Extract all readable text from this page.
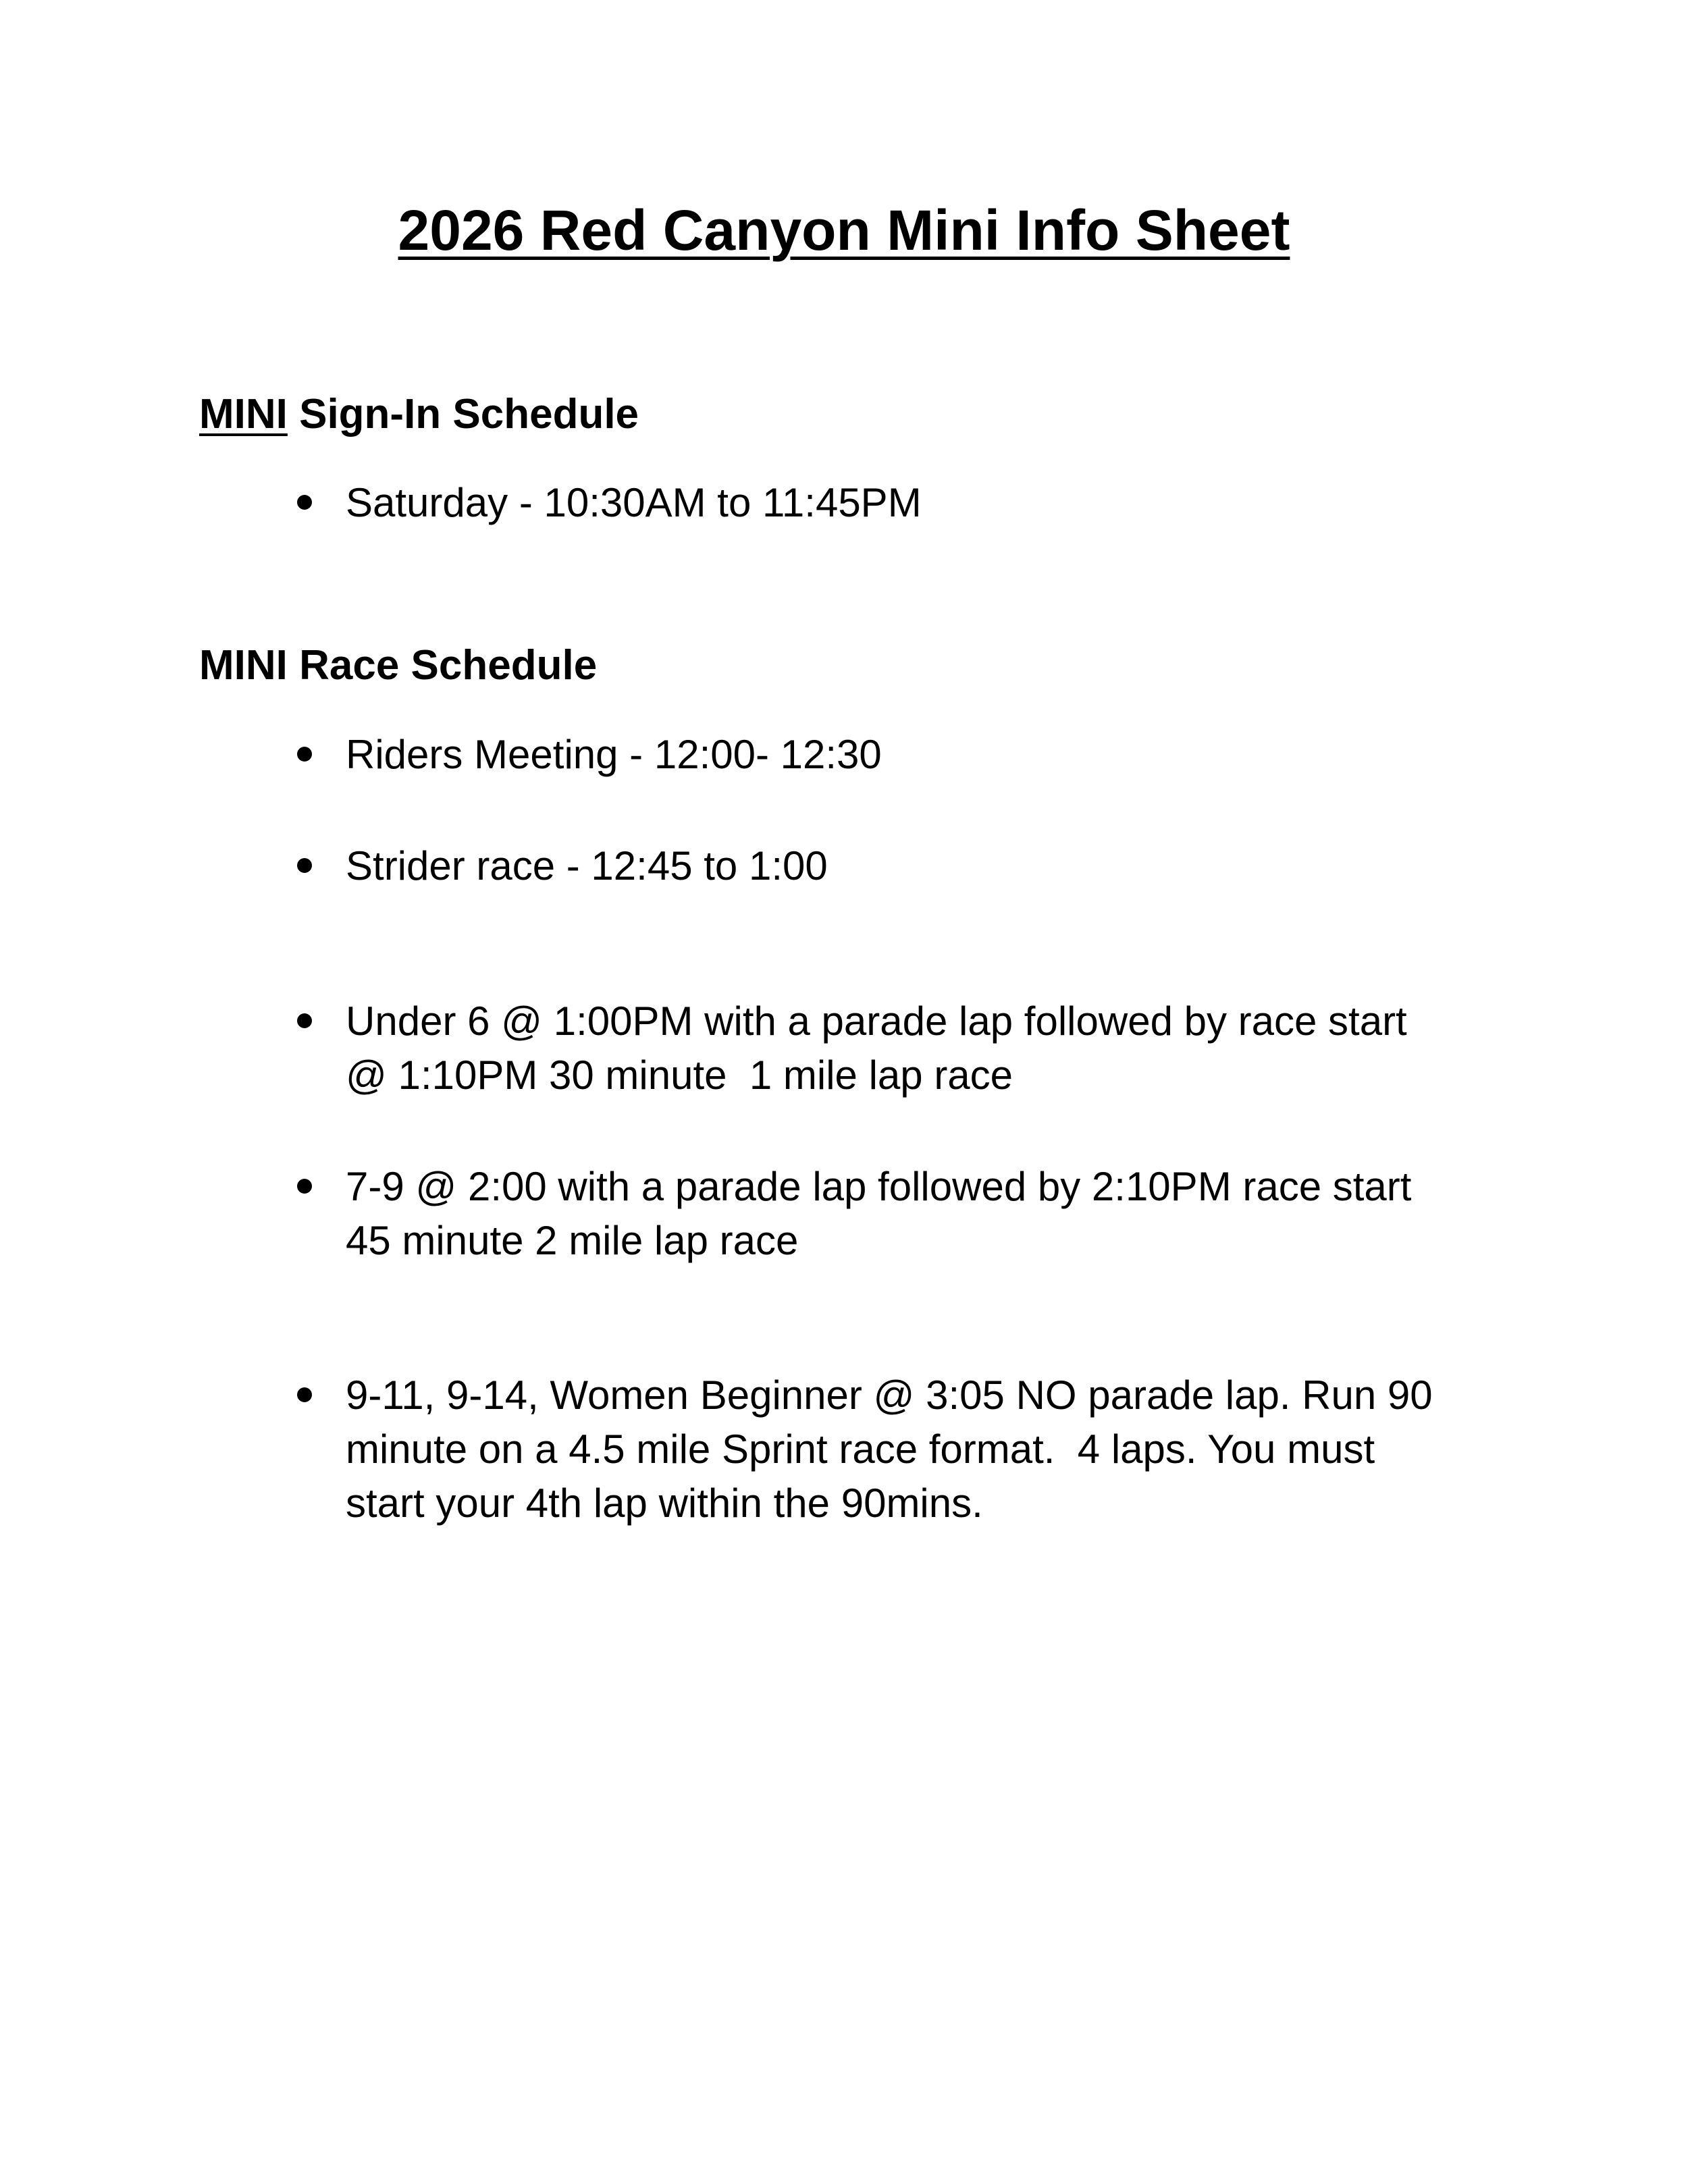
2026 Red Canyon Mini Info Sheet
MINI Sign-In Schedule
Saturday - 10:30AM to 11:45PM
MINI Race Schedule
Riders Meeting - 12:00- 12:30
Strider race - 12:45 to 1:00
Under 6 @ 1:00PM with a parade lap followed by race start
@ 1:10PM 30 minute  1 mile lap race
7-9 @ 2:00 with a parade lap followed by 2:10PM race start
45 minute 2 mile lap race
9-11, 9-14, Women Beginner @ 3:05 NO parade lap. Run 90
minute on a 4.5 mile Sprint race format.  4 laps. You must
start your 4th lap within the 90mins.
